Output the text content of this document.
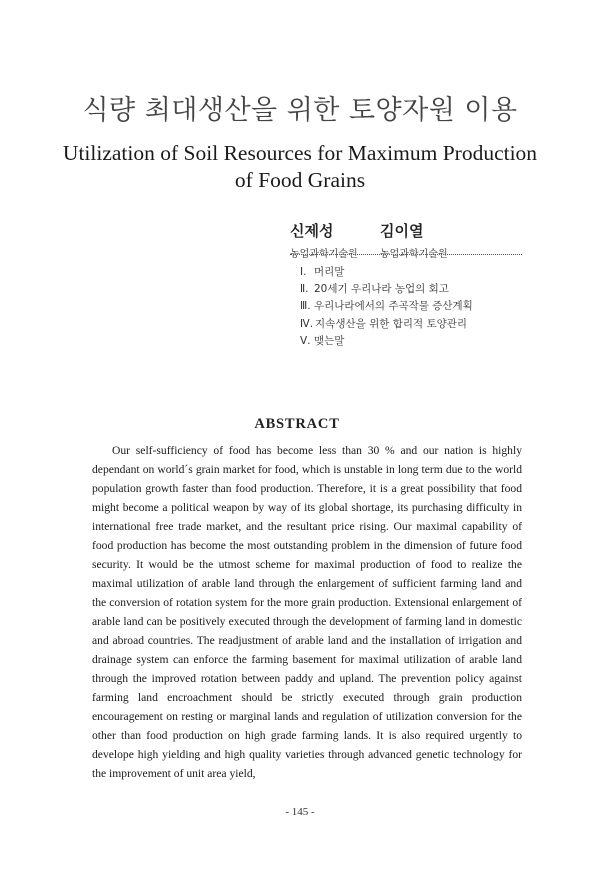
식량 최대생산을 위한 토양자원 이용
Utilization of Soil Resources for Maximum Production of Food Grains
신제성
농업과학기술원
김이열
농업과학기술원
Ⅰ. 머리말
Ⅱ. 20세기 우리나라 농업의 회고
Ⅲ. 우리나라에서의 주곡작물 증산계획
Ⅳ. 지속생산을 위한 합리적 토양관리
Ⅴ. 맺는말
ABSTRACT

Our self-sufficiency of food has become less than 30 % and our nation is highly dependant on world´s grain market for food, which is unstable in long term due to the world population growth faster than food production. Therefore, it is a great possibility that food might become a political weapon by way of its global shortage, its purchasing difficulty in international free trade market, and the resultant price rising. Our maximal capability of food production has become the most outstanding problem in the dimension of future food security. It would be the utmost scheme for maximal production of food to realize the maximal utilization of arable land through the enlargement of sufficient farming land and the conversion of rotation system for the more grain production. Extensional enlargement of arable land can be positively executed through the development of farming land in domestic and abroad countries. The readjustment of arable land and the installation of irrigation and drainage system can enforce the farming basement for maximal utilization of arable land through the improved rotation between paddy and upland. The prevention policy against farming land encroachment should be strictly executed through grain production encouragement on resting or marginal lands and regulation of utilization conversion for the other than food production on high grade farming lands. It is also required urgently to develope high yielding and high quality varieties through advanced genetic technology for the improvement of unit area yield,

- 145 -
